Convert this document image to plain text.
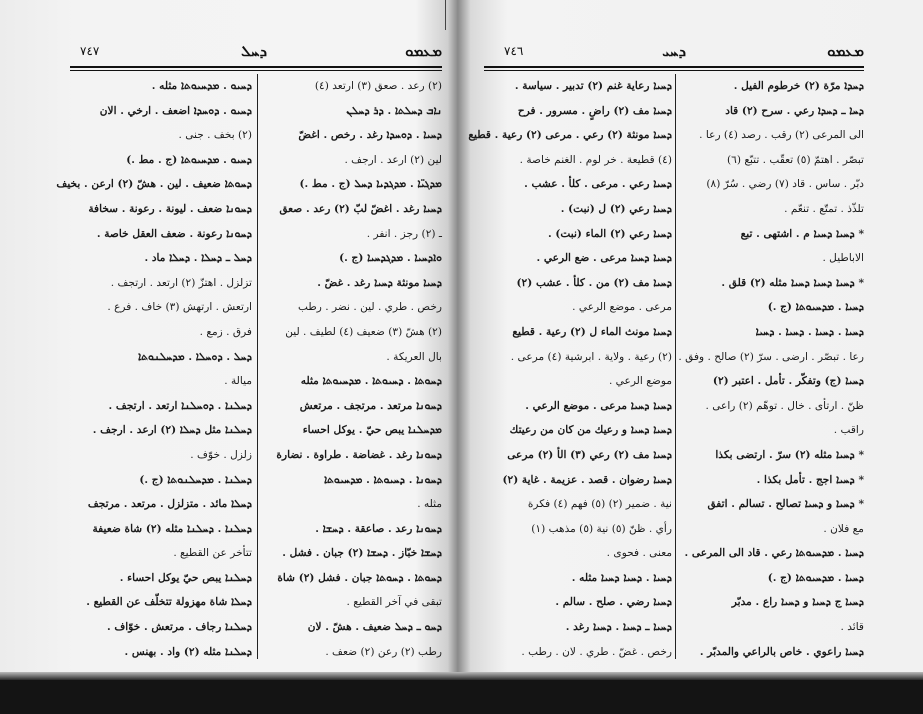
ܡܥܡܘ
ܕܚܠ
٧٤٧
(٢) رعد . صعق (٣) ارتعد (٤)
ܢܐܒ ܕܚܠܬܐ . ܕܪ ܕܚܠܢ
ܕܚܝܐ . ܕܘܚܕܐ رغد . رخص . اغضّ
لين (٢) ارعد . ارجف .
ܡܕܓܝ̈ܐ . ܡܕܓܕܝܐ ܕܚܠ (ج . مط .)
ܕܚܝܐ رغد . اغضّ لبّ (٢) رعد . صعق
ـ (٢) رجز . انفر .
ܘܐܕܚܝܐ . ܡܕܓܕܚܝܐ (ج .)
ܕܚܝܐ مونثة ܕܚܝܐ رغد . غضّ .
رخص . طري . لين . نضر . رطب
(٢) هشّ (٣) ضعيف (٤) لطيف . لين
بال العريكة .
ܕܚܘܬܐ . ܕܚܝܘܬܐ . ܡܕܚܝܘܬܐ مثله
ܕܚܘܢܐ مرتعد . مرتجف . مرتعش
ܡܕܚܠܢܐ يبص حيّ . يوكل احساء
ܕܚܘܢܐ رغد . غضاضة . طراوة . نضارة
ܕܚܘܢܐ . ܕܚܝܘܬܐ . ܡܕܚܝܘܬܐ
مثله .
ܕܚܘܢܐ رعد . صاعقة . ܕܚܫܐ .
ܕܚܫܐ خبّاز . ܕܚܫܐ (٢) جبان . فشل .
ܕܚܘܬܐ . ܕܚܘܬܐ جبان . فشل (٢) شاة
تبقى في آخر القطيع .
ܕܚܘ ـ ܕܚܠ ضعيف . هشّ . لان
رطب (٢) رعن (٢) ضعف .
ܕܚܝܘ . ܡܕܚܝܘܬܐ مثله .
ܕܚܝܘ . ܕܘܚܕܐ اضعف . ارخي . الان
(٢) بخف . جنى .
ܕܚܝܘ . ܡܕܚܝܘܬܐ (ج . مط .)
ܕܚܘܬܐ ضعيف . لين . هشّ (٢) ارعن . بخيف
ܕܚܘܢܐ ضعف . ليونة . رعونة . سخافة
ܕܚܘܢܐ رعونة . ضعف العقل خاصة .
ܕܚܠ ـ ܕܚܠܐ . ܕܚܠܐ ماد .
تزلزل . اهتزّ (٢) ارتعد . ارتجف .
ارتعش . ارتهش (٣) خاف . فرع .
فرق . زمع .
ܕܚܠ . ܕܘܚܠܐ . ܡܕܚܠܢܘܬܐ
ميالة .
ܕܚܠܢܐ . ܕܘܚܠܢܐ ارتعد . ارتجف .
ܕܚܠܢܐ مثل ܕܚܠܐ (٢) ارعد . ارجف .
زلزل . خوّف .
ܕܚܠܢܐ . ܡܕܚܠܢܘܬܐ (ج .)
ܕܚܠܐ مائد . متزلزل . مرتعد . مرتجف
ܕܚܠܢܐ . ܕܚܠܢܐ مثله (٢) شاة ضعيفة
تتأخر عن القطيع .
ܕܚܠܢܐ يبص حيّ يوكل احساء .
ܕܚܠܐ شاة مهزولة تتخلّف عن القطيع .
ܕܚܠܢܐ رجاف . مرتعش . خوّاف .
ܕܚܠܢܐ مثله (٢) واد . بهنس .
ܡܥܡܘ
ܕܚܝ
٧٤٦
ܕܚܕܐ مرّة (٢) خرطوم الفيل .
ܕܚܐ ـ ܕܚܕܐ رعي . سرح (٢) قاد
الى المرعى (٢) رقب . رصد (٤) رعا .
تبصّر . اهتمّ (٥) تعقّب . تتبّع (٦)
دبّر . ساس . قاد (٧) رضي . سُرّ (٨)
تلذّذ . تمتّع . تنعّم .
* ܕܚܝܐ ܕܚܝܐ م . اشتهى . تبع
الاباطيل .
* ܕܚܝܐ ܕܚܝܐ ܕܚܝܐ مثله (٢) قلق .
ܕܚܝܐ . ܡܕܚܝܘܬܐ (ج .)
ܕܚܝܐ . ܕܚܝܐ . ܕܚܝܐ . ܕܚܝܐ
رعا . تبصّر . ارضى . سرّ (٢) صالح . وفق .
ܕܚܝܐ (ج) وتفكّر . تأمل . اعتبر (٢)
ظنّ . ارتأى . خال . توهّم (٢) راعى .
راقب .
* ܕܚܝܐ مثله (٢) سرّ . ارتضى بكذا
* ܕܚܝܐ اجج . تأمل بكذا .
* ܕܚܝܐ و ܕܚܝܐ تصالح . تسالم . اتفق
مع فلان .
ܕܚܝܐ . ܡܕܚܝܘܬܐ رعي . قاد الى المرعى .
ܕܚܝܐ . ܡܕܚܝܘܬܐ (ج .)
ܕܚܝܐ ج ܕܚܝܐ و ܕܚܝܐ راع . مدبّر
قائد .
ܕܚܝܐ راعوي . خاص بالراعي والمدبّر .
ܕܚܝܐ رعاية غنم (٢) تدبير . سياسة .
ܕܚܝܐ مف (٢) راضٍ . مسرور . فرح
ܕܚܝܐ مونثة (٢) رعي . مرعى (٢) رعية . قطيع
(٤) قطيعة . خر لوم . الغنم خاصة .
ܕܚܝܐ رعي . مرعى . كلأ . عشب .
ܕܚܝܐ رعي (٢) ل (نبت) .
ܕܚܝܐ رعي (٢) الماء (نبت) .
ܕܚܝܐ ܕܚܝܐ مرعى . ضع الرعي .
ܕܚܝܐ مف (٢) من . كلأ . عشب (٢)
مرعى . موضع الرعي .
ܕܚܝܐ مونث الماء ل (٢) رعية . قطيع
(٢) رعية . ولاية . ابرشية (٤) مرعى .
موضع الرعي .
ܕܚܝܐ ܕܚܝܐ مرعى . موضع الرعي .
ܕܚܝܐ ܕܚܝܐ و رعيك من كان من رعيتك
ܕܚܝܐ مف (٢) رعي (٣) الأ (٢) مرعى
ܕܚܝܐ رضوان . قصد . عزيمة . غاية (٢)
نية . ضمير (٢) (٥) فهم (٤) فكرة
رأي . ظنّ (٥) نية (٥) مذهب (١)
معنى . فحوى .
ܕܚܝܐ . ܕܚܝܐ ܕܚܝܐ مثله .
ܕܚܝܐ رضي . صلح . سالم .
ܕܚܝܐ ـ ܕܚܝܐ . ܕܚܝܐ رغد .
رخص . غضّ . طري . لان . رطب .
